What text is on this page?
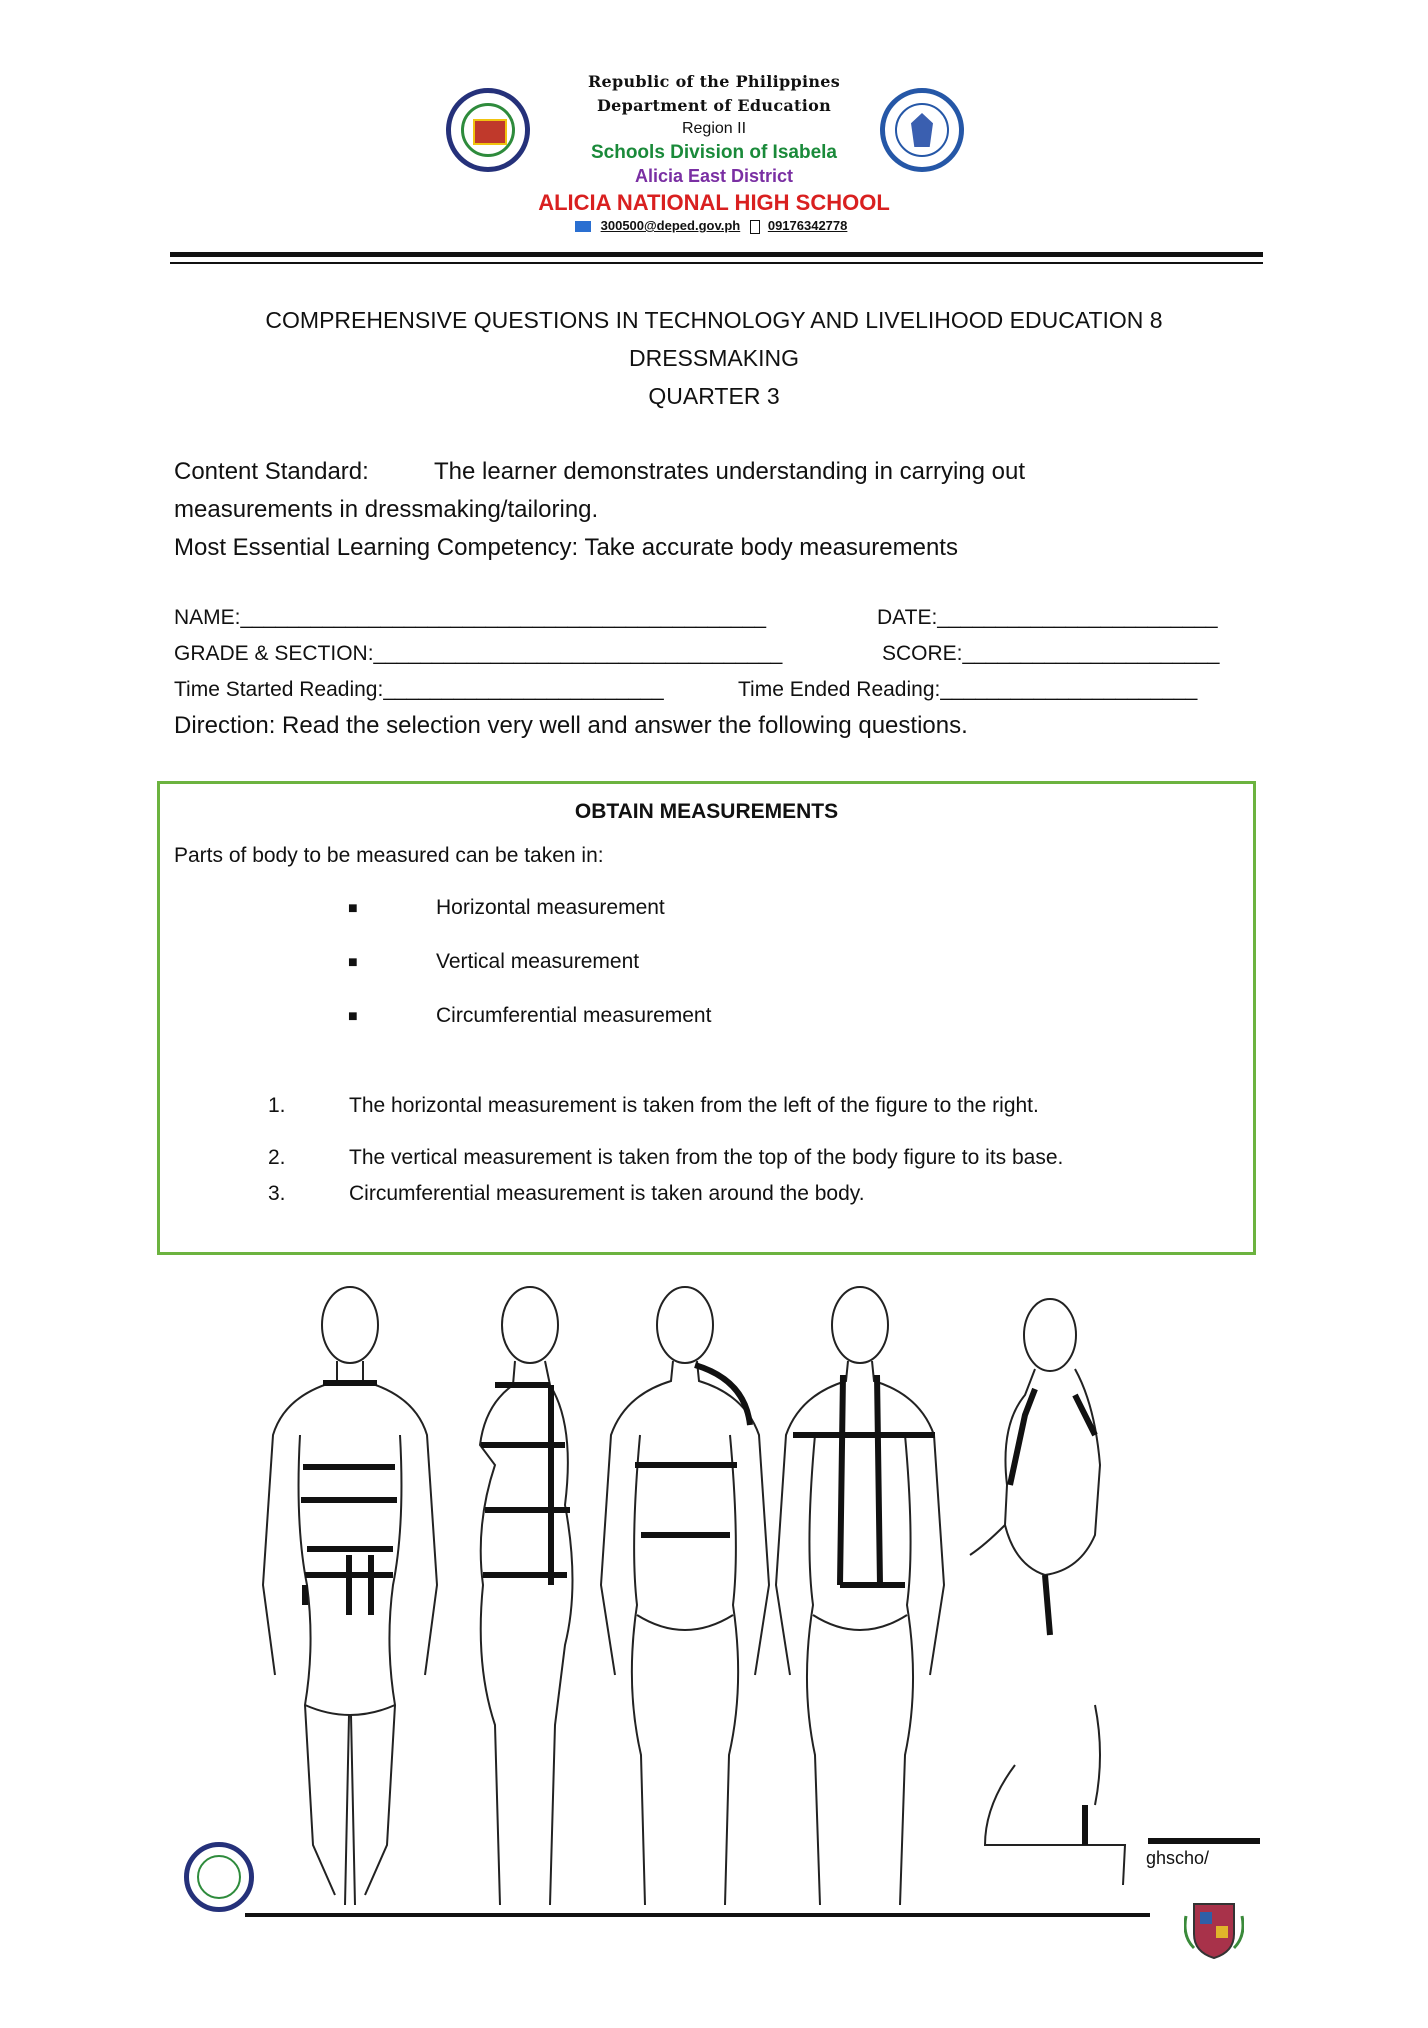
Republic of the Philippines
Department of Education
Region II
Schools Division of Isabela
Alicia East District
ALICIA NATIONAL HIGH SCHOOL
300500@deped.gov.ph 09176342778
COMPREHENSIVE QUESTIONS IN TECHNOLOGY AND LIVELIHOOD EDUCATION 8
DRESSMAKING
QUARTER 3
Content Standard:	The learner demonstrates understanding in carrying out
measurements in dressmaking/tailoring.
Most Essential Learning Competency: Take accurate body measurements
NAME:_____________________________________________	DATE:________________________
GRADE & SECTION:___________________________________	SCORE:______________________
Time Started Reading:________________________	Time Ended Reading:______________________
Direction: Read the selection very well and answer the following questions.
OBTAIN MEASUREMENTS
Parts of body to be measured can be taken in:
■	Horizontal measurement
■	Vertical measurement
■	Circumferential measurement
1.	The horizontal measurement is taken from the left of the figure to the right.
2.	The vertical measurement is taken from the top of the body figure to its base.
3.	Circumferential measurement is taken around the body.
ghscho/
